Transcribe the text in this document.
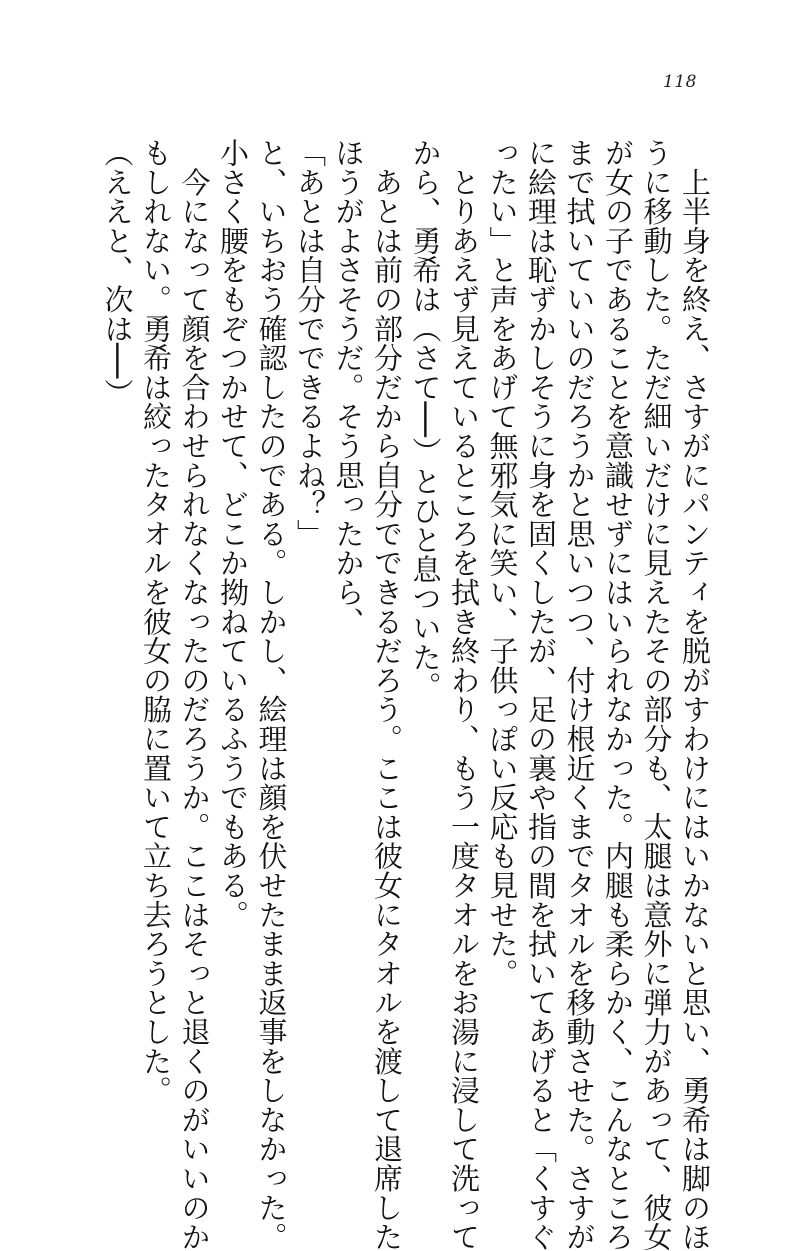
118
　上半身を終え、さすがにパンティを脱がすわけにはいかないと思い、勇希は脚のほ
うに移動した。ただ細いだけに見えたその部分も、太腿は意外に弾力があって、彼女
が女の子であることを意識せずにはいられなかった。内腿も柔らかく、こんなところ
まで拭いていいのだろうかと思いつつ、付け根近くまでタオルを移動させた。さすが
に絵理は恥ずかしそうに身を固くしたが、足の裏や指の間を拭いてあげると「くすぐ
ったい」と声をあげて無邪気に笑い、子供っぽい反応も見せた。
　とりあえず見えているところを拭き終わり、もう一度タオルをお湯に浸して洗って
から、勇希は（さて──）とひと息ついた。
　あとは前の部分だから自分でできるだろう。ここは彼女にタオルを渡して退席した
ほうがよさそうだ。そう思ったから、
「あとは自分でできるよね？」
と、いちおう確認したのである。しかし、絵理は顔を伏せたまま返事をしなかった。
小さく腰をもぞつかせて、どこか拗ねているふうでもある。
　今になって顔を合わせられなくなったのだろうか。ここはそっと退くのがいいのか
もしれない。勇希は絞ったタオルを彼女の脇に置いて立ち去ろうとした。
（ええと、次は──）
